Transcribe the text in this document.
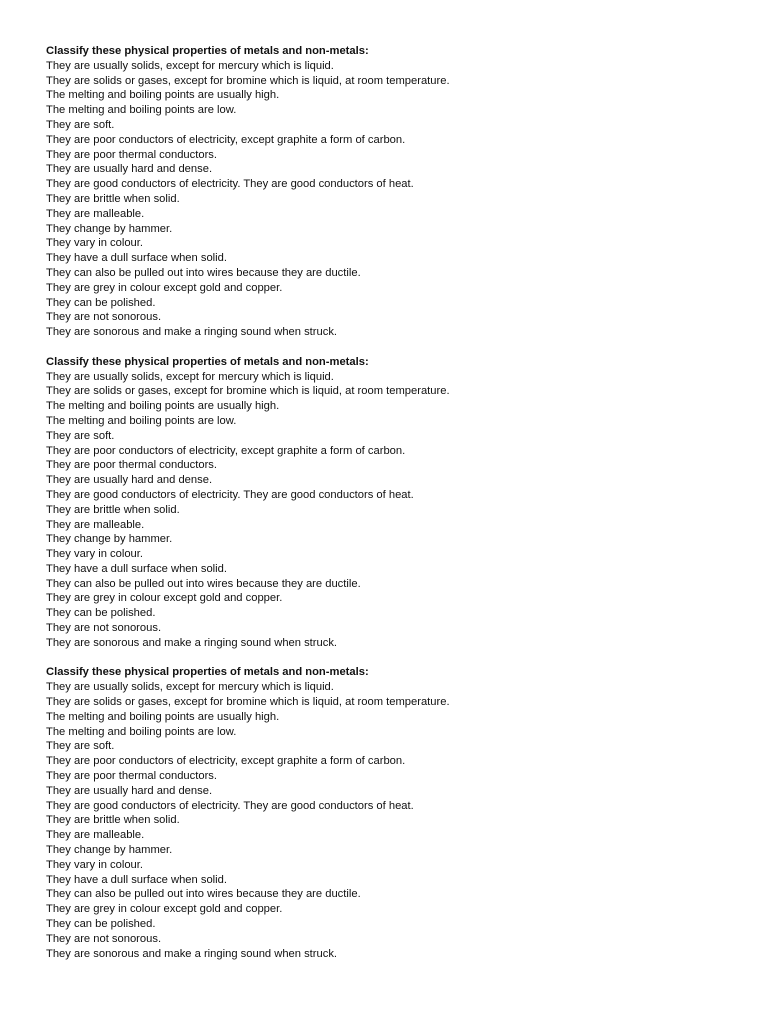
Classify these physical properties of metals and non-metals:

They are usually solids, except for mercury which is liquid.

They are solids or gases, except for bromine which is liquid, at room temperature.

The melting and boiling points are usually high.

The melting and boiling points are low.

They are soft.

They are poor conductors of electricity, except graphite a form of carbon.

They are poor thermal conductors.

They are usually hard and dense.

They are good conductors of electricity. They are good conductors of heat.

They are brittle when solid.

They are malleable.

They change by hammer.

They vary in colour.

They have a dull surface when solid.

They can also be pulled out into wires because they are ductile.

They are grey in colour except gold and copper.

They can be polished.

They are not sonorous.

They are sonorous and make a ringing sound when struck.

Classify these physical properties of metals and non-metals:

They are usually solids, except for mercury which is liquid.

They are solids or gases, except for bromine which is liquid, at room temperature.

The melting and boiling points are usually high.

The melting and boiling points are low.

They are soft.

They are poor conductors of electricity, except graphite a form of carbon.

They are poor thermal conductors.

They are usually hard and dense.

They are good conductors of electricity. They are good conductors of heat.

They are brittle when solid.

They are malleable.

They change by hammer.

They vary in colour.

They have a dull surface when solid.

They can also be pulled out into wires because they are ductile.

They are grey in colour except gold and copper.

They can be polished.

They are not sonorous.

They are sonorous and make a ringing sound when struck.

Classify these physical properties of metals and non-metals:

They are usually solids, except for mercury which is liquid.

They are solids or gases, except for bromine which is liquid, at room temperature.

The melting and boiling points are usually high.

The melting and boiling points are low.

They are soft.

They are poor conductors of electricity, except graphite a form of carbon.

They are poor thermal conductors.

They are usually hard and dense.

They are good conductors of electricity. They are good conductors of heat.

They are brittle when solid.

They are malleable.

They change by hammer.

They vary in colour.

They have a dull surface when solid.

They can also be pulled out into wires because they are ductile.

They are grey in colour except gold and copper.

They can be polished.

They are not sonorous.

They are sonorous and make a ringing sound when struck.
